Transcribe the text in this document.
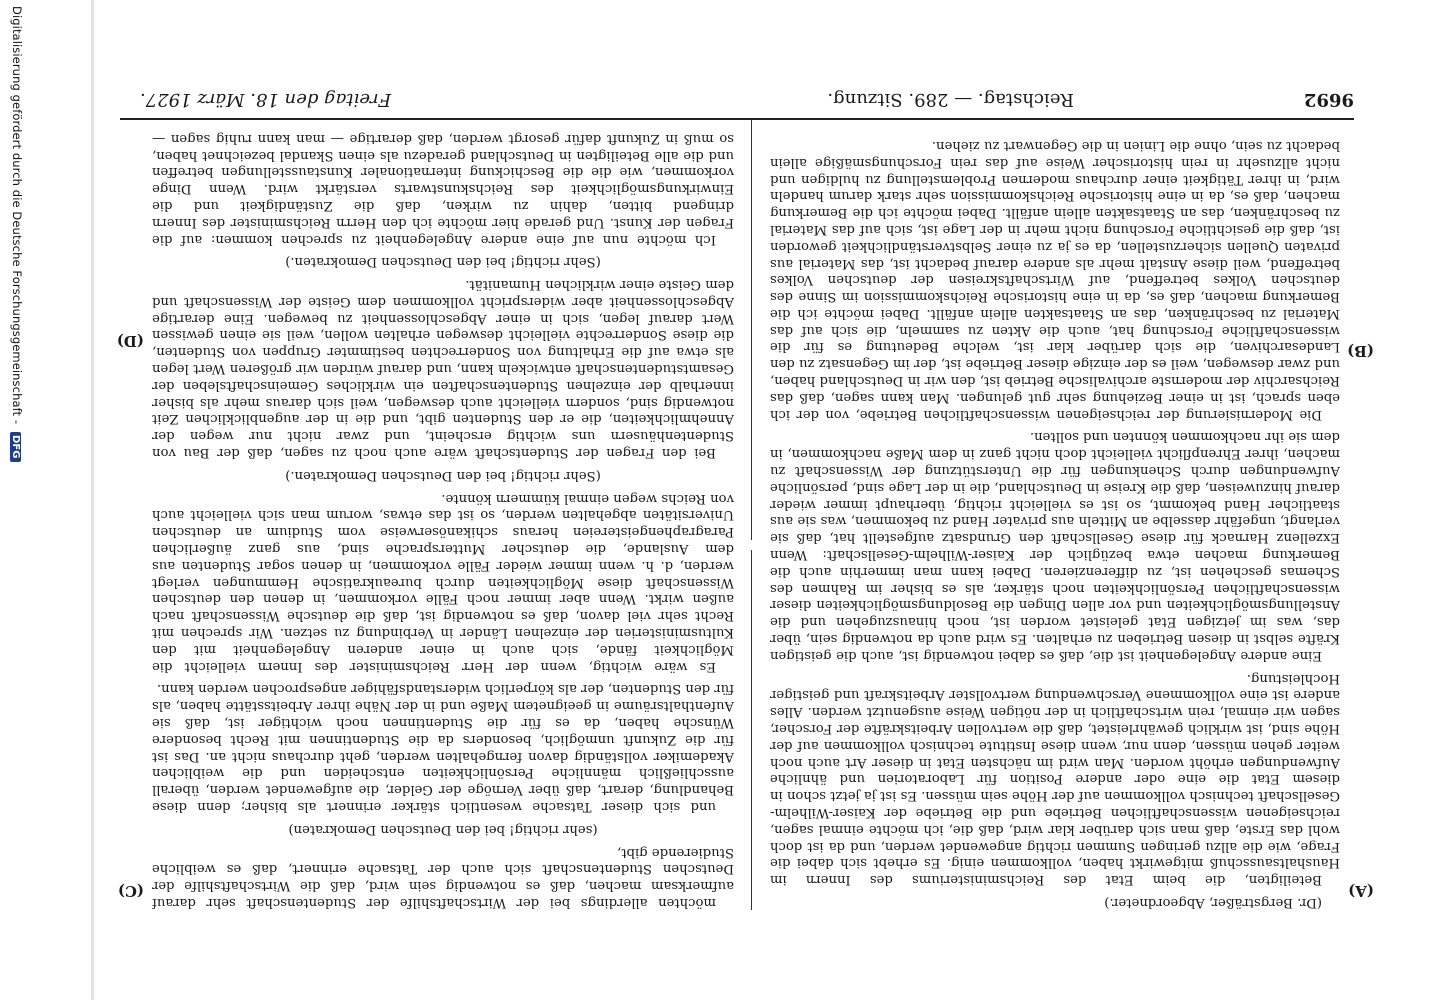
9692
Reichstag. — 289. Sitzung.
Freitag den 18. März 1927.
(A)
(B)
(C)
(D)

(Dr. Bergsträßer, Abgeordneter.)

Beteiligten, die beim Etat des Reichsministeriums des Innern im Haushaltsausschuß mitgewirkt haben, vollkommen einig. Es erhebt sich dabei die Frage, wie die allzu geringen Summen richtig angewendet werden, und da ist doch wohl das Erste, daß man sich darüber klar wird, daß die, ich möchte einmal sagen, reichseigenen wissenschaftlichen Betriebe und die Betriebe der Kaiser-Wilhelm-Gesellschaft technisch vollkommen auf der Höhe sein müssen. Es ist ja jetzt schon in diesem Etat die eine oder andere Position für Laboratorien und ähnliche Aufwendungen erhöht worden. Man wird im nächsten Etat in dieser Art auch noch weiter gehen müssen, denn nur, wenn diese Institute technisch vollkommen auf der Höhe sind, ist wirklich gewährleistet, daß die wertvollen Arbeitskräfte der Forscher, sagen wir einmal, rein wirtschaftlich in der nötigen Weise ausgenutzt werden. Alles andere ist eine vollkommene Verschwendung wertvollster Arbeitskraft und geistiger Hochleistung.

Eine andere Angelegenheit ist die, daß es dabei notwendig ist, auch die geistigen Kräfte selbst in diesen Betrieben zu erhalten. Es wird auch da notwendig sein, über das, was im jetzigen Etat geleistet worden ist, noch hinauszugehen und die Anstellungsmöglichkeiten und vor allen Dingen die Besoldungsmöglichkeiten dieser wissenschaftlichen Persönlichkeiten noch stärker, als es bisher im Rahmen des Schemas geschehen ist, zu differenzieren. Dabei kann man immerhin auch die Bemerkung machen etwa bezüglich der Kaiser-Wilhelm-Gesellschaft: Wenn Exzellenz Harnack für diese Gesellschaft den Grundsatz aufgestellt hat, daß sie verlangt, ungefähr dasselbe an Mitteln aus privater Hand zu bekommen, was sie aus staatlicher Hand bekommt, so ist es vielleicht richtig, überhaupt immer wieder darauf hinzuweisen, daß die Kreise in Deutschland, die in der Lage sind, persönliche Aufwendungen durch Schenkungen für die Unterstützung der Wissenschaft zu machen, ihrer Ehrenpflicht vielleicht doch nicht ganz in dem Maße nachkommen, in dem sie ihr nachkommen könnten und sollten.

Die Modernisierung der reichseigenen wissenschaftlichen Betriebe, von der ich eben sprach, ist in einer Beziehung sehr gut gelungen. Man kann sagen, daß das Reichsarchiv der modernste archivalische Betrieb ist, den wir in Deutschland haben, und zwar deswegen, weil es der einzige dieser Betriebe ist, der im Gegensatz zu den Landesarchiven, die sich darüber klar ist, welche Bedeutung es für die wissenschaftliche Forschung hat, auch die Akten zu sammeln, die sich auf das Material zu beschränken, das an Staatsakten allein anfällt. Dabei möchte ich die Bemerkung machen, daß es, da in eine historische Reichskommission im Sinne des deutschen Volkes betreffend, auf Wirtschaftskreisen der deutschen Volkes betreffend, weil diese Anstalt mehr als andere darauf bedacht ist, das Material aus privaten Quellen sicherzustellen, da es ja zu einer Selbstverständlichkeit geworden ist, daß die gesichtliche Forschung nicht mehr in der Lage ist, sich auf das Material zu beschränken, das an Staatsakten allein anfällt. Dabei möchte ich die Bemerkung machen, daß es, da in eine historische Reichskommission sehr stark darum handeln wird, in ihrer Tätigkeit einer durchaus modernen Problemstellung zu huldigen und nicht allzusehr in rein historischer Weise auf das rein Forschungsmäßige allein bedacht zu sein, ohne die Linien in die Gegenwart zu ziehen.

möchten allerdings bei der Wirtschaftshilfe der Studentenschaft sehr darauf aufmerksam machen, daß es notwendig sein wird, daß die Wirtschaftshilfe der Deutschen Studentenschaft sich auch der Tatsache erinnert, daß es weibliche Studierende gibt,

(sehr richtig! bei den Deutschen Demokraten)

und sich dieser Tatsache wesentlich stärker erinnert als bisher; denn diese Behandlung, derart, daß über Vernöge der Gelder, die aufgewendet werden, überall ausschließlich männliche Persönlichkeiten entscheiden und die weiblichen Akademiker vollständig davon ferngehalten werden, geht durchaus nicht an. Das ist für die Zukunft unmöglich, besonders da die Studentinnen mit Recht besondere Wünsche haben, da es für die Studentinnen noch wichtiger ist, daß sie Aufenthaltsräume in geeignetem Maße und in der Nähe ihrer Arbeitsstätte haben, als für den Studenten, der als körperlich widerstandsfähiger angesprochen werden kann.

Es wäre wichtig, wenn der Herr Reichsminister des Innern vielleicht die Möglichkeit fände, sich auch in einer anderen Angelegenheit mit den Kultusministerien der einzelnen Länder in Verbindung zu setzen. Wir sprechen mit Recht sehr viel davon, daß es notwendig ist, daß die deutsche Wissenschaft nach außen wirkt. Wenn aber immer noch Fälle vorkommen, in denen den deutschen Wissenschaft diese Möglichkeiten durch bureaukratische Hemmungen verlegt werden, d. h. wenn immer wieder Fälle vorkommen, in denen sogar Studenten aus dem Auslande, die deutscher Muttersprache sind, aus ganz äußerlichen Paragraphengeistereien heraus schikanöserweise vom Studium an deutschen Universitäten abgehalten werden, so ist das etwas, worum man sich vielleicht auch von Reichs wegen einmal kümmern könnte.

(Sehr richtig! bei den Deutschen Demokraten.)

Bei den Fragen der Studentschaft wäre auch noch zu sagen, daß der Bau von Studentenhäusern uns wichtig erscheint, und zwar nicht nur wegen der Annehmlichkeiten, die er den Studenten gibt, und die in der augenblicklichen Zeit notwendig sind, sondern vielleicht auch deswegen, weil sich daraus mehr als bisher innerhalb der einzelnen Studentenschaften ein wirkliches Gemeinschaftsleben der Gesamtstudentenschaft entwickeln kann, und darauf würden wir größeren Wert legen als etwa auf die Erhaltung von Sonderrechten bestimmter Gruppen von Studenten, die diese Sonderrechte vielleicht deswegen erhalten wollen, weil sie einen gewissen Wert darauf legen, sich in einer Abgeschlossenheit zu bewegen. Eine derartige Abgeschlossenheit aber widerspricht vollkommen dem Geiste der Wissenschaft und dem Geiste einer wirklichen Humanität.

(Sehr richtig! bei den Deutschen Demokraten.)

Ich möchte nun auf eine andere Angelegenheit zu sprechen kommen: auf die Fragen der Kunst. Und gerade hier möchte ich den Herrn Reichsminister des Innern dringend bitten, dahin zu wirken, daß die Zuständigkeit und die Einwirkungsmöglichkeit des Reichskunstwarts verstärkt wird. Wenn Dinge vorkommen, wie die die Beschickung internationaler Kunstausstellungen betreffen und die alle Beteiligten in Deutschland geradezu als einen Skandal bezeichnet haben, so muß in Zukunft dafür gesorgt werden, daß derartige — man kann ruhig sagen —

Digitalisierung gefördert durch die Deutsche Forschungsgemeinschaft - DFG
